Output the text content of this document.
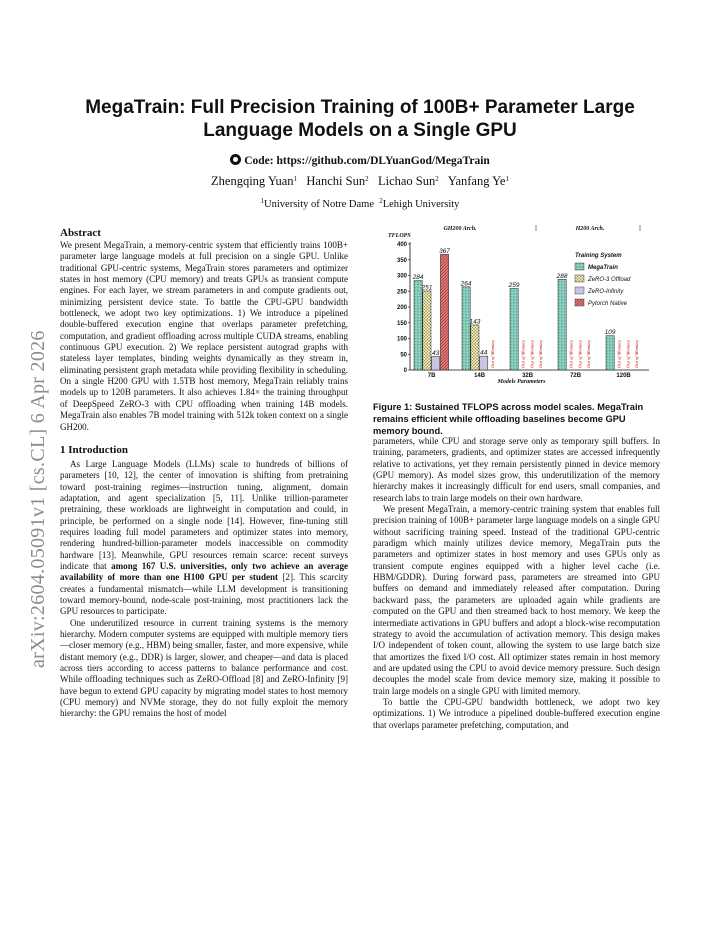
arXiv:2604.05091v1 [cs.CL] 6 Apr 2026
MegaTrain: Full Precision Training of 100B+ Parameter Large Language Models on a Single GPU
Code: https://github.com/DLYuanGod/MegaTrain
Zhengqing Yuan$^1$ Hanchi Sun$^2$ Lichao Sun$^2$ Yanfang Ye$^1$
$^1$University of Notre Dame $^2$Lehigh University
Abstract

We present MegaTrain, a memory-centric system that efficiently trains 100B+ parameter large language models at full precision on a single GPU. Unlike traditional GPU-centric systems, MegaTrain stores parameters and optimizer states in host memory (CPU memory) and treats GPUs as transient compute engines. For each layer, we stream parameters in and compute gradients out, minimizing persistent device state. To battle the CPU-GPU bandwidth bottleneck, we adopt two key optimizations. 1) We introduce a pipelined double-buffered execution engine that overlaps parameter prefetching, computation, and gradient offloading across multiple CUDA streams, enabling continuous GPU execution. 2) We replace persistent autograd graphs with stateless layer templates, binding weights dynamically as they stream in, eliminating persistent graph metadata while providing flexibility in scheduling. On a single H200 GPU with 1.5TB host memory, MegaTrain reliably trains models up to 120B parameters. It also achieves 1.84× the training throughput of DeepSpeed ZeRO-3 with CPU offloading when training 14B models. MegaTrain also enables 7B model training with 512k token context on a single GH200.

1 Introduction

As Large Language Models (LLMs) scale to hundreds of billions of parameters [10, 12], the center of innovation is shifting from pretraining toward post-training regimes—instruction tuning, alignment, domain adaptation, and agent specialization [5, 11]. Unlike trillion-parameter pretraining, these workloads are lightweight in computation and could, in principle, be performed on a single node [14]. However, fine-tuning still requires loading full model parameters and optimizer states into memory, rendering hundred-billion-parameter models inaccessible on commodity hardware [13]. Meanwhile, GPU resources remain scarce: recent surveys indicate that among 167 U.S. universities, only two achieve an average availability of more than one H100 GPU per student [2]. This scarcity creates a fundamental mismatch—while LLM development is transitioning toward memory-bound, node-scale post-training, most practitioners lack the GPU resources to participate.

One underutilized resource in current training systems is the memory hierarchy. Modern computer systems are equipped with multiple memory tiers—closer memory (e.g., HBM) being smaller, faster, and more expensive, while distant memory (e.g., DDR) is larger, slower, and cheaper—and data is placed across tiers according to access patterns to balance performance and cost. While offloading techniques such as ZeRO-Offload [8] and ZeRO-Infinity [9] have begun to extend GPU capacity by migrating model states to host memory (CPU memory) and NVMe storage, they do not fully exploit the memory hierarchy: the GPU remains the host of model

GH200 Arch.	H200 Arch.
TFLOPS
0
50
100
150
200
250
300
350
400
284
251
43
367
7B
264
143
44 Out of Memory
14B
259
Out of Memory Out of Memory Out of Memory
32B
288
Out of Memory Out of Memory Out of Memory
72B
109
Out of Memory Out of Memory Out of Memory
120B
Models Parameters
Training System
MegaTrain
ZeRO-3 Offload
ZeRO-Infinity
Pytorch Native
Figure 1: Sustained TFLOPS across model scales. MegaTrain remains efficient while offloading baselines become GPU memory bound.

parameters, while CPU and storage serve only as temporary spill buffers. In training, parameters, gradients, and optimizer states are accessed infrequently relative to activations, yet they remain persistently pinned in device memory (GPU memory). As model sizes grow, this underutilization of the memory hierarchy makes it increasingly difficult for end users, small companies, and research labs to train large models on their own hardware.

We present MegaTrain, a memory-centric training system that enables full precision training of 100B+ parameter large language models on a single GPU without sacrificing training speed. Instead of the traditional GPU-centric paradigm which mainly utilizes device memory, MegaTrain puts the parameters and optimizer states in host memory and uses GPUs only as transient compute engines equipped with a higher level cache (i.e. HBM/GDDR). During forward pass, parameters are streamed into GPU buffers on demand and immediately released after computation. During backward pass, the parameters are uploaded again while gradients are computed on the GPU and then streamed back to host memory. We keep the intermediate activations in GPU buffers and adopt a block-wise recomputation strategy to avoid the accumulation of activation memory. This design makes I/O independent of token count, allowing the system to use large batch size that amortizes the fixed I/O cost. All optimizer states remain in host memory and are updated using the CPU to avoid device memory pressure. Such design decouples the model scale from device memory size, making it possible to train large models on a single GPU with limited memory.

To battle the CPU-GPU bandwidth bottleneck, we adopt two key optimizations. 1) We introduce a pipelined double-buffered execution engine that overlaps parameter prefetching, computation, and
